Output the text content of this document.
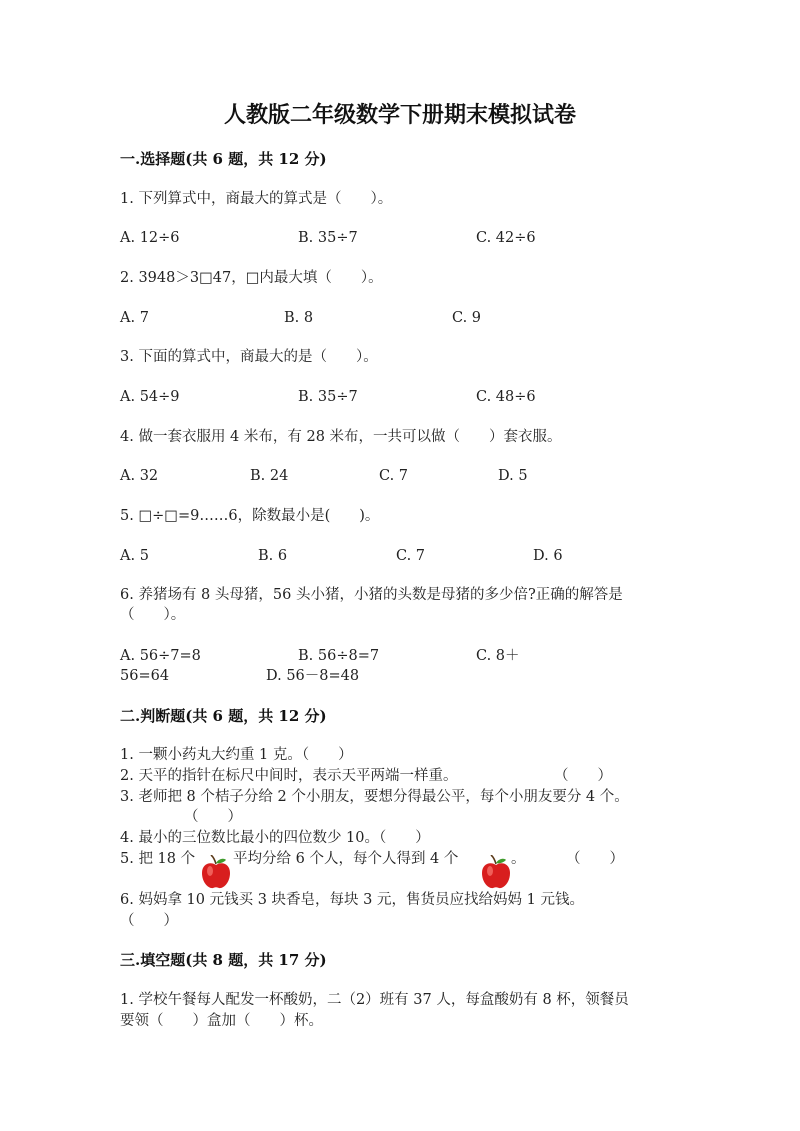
人教版二年级数学下册期末模拟试卷
一.选择题(共 6 题，共 12 分)
1. 下列算式中，商最大的算式是（　　）。
A. 12÷6	B. 35÷7	C. 42÷6
2. 3948＞3□47，□内最大填（　　）。
A. 7	B. 8	C. 9
3. 下面的算式中，商最大的是（　　）。
A. 54÷9	B. 35÷7	C. 48÷6
4. 做一套衣服用 4 米布，有 28 米布，一共可以做（　　）套衣服。
A. 32	B. 24	C. 7	D. 5
5. □÷□=9……6，除数最小是(　　)。
A. 5	B. 6	C. 7	D. 6
6. 养猪场有 8 头母猪，56 头小猪，小猪的头数是母猪的多少倍?正确的解答是
（　　）。
A. 56÷7=8	B. 56÷8=7	C. 8＋
56=64	D. 56－8=48
二.判断题(共 6 题，共 12 分)
1. 一颗小药丸大约重 1 克。（　　）
2. 天平的指针在标尺中间时，表示天平两端一样重。	（　　）
3. 老师把 8 个桔子分给 2 个小朋友，要想分得最公平，每个小朋友要分 4 个。
（　　）
4. 最小的三位数比最小的四位数少 10。（　　）
5. 把 18 个	平均分给 6 个人，每个人得到 4 个	。	（　　）
6. 妈妈拿 10 元钱买 3 块香皂，每块 3 元，售货员应找给妈妈 1 元钱。
（　　）
三.填空题(共 8 题，共 17 分)
1. 学校午餐每人配发一杯酸奶，二（2）班有 37 人，每盒酸奶有 8 杯，领餐员
要领（　　）盒加（　　）杯。
